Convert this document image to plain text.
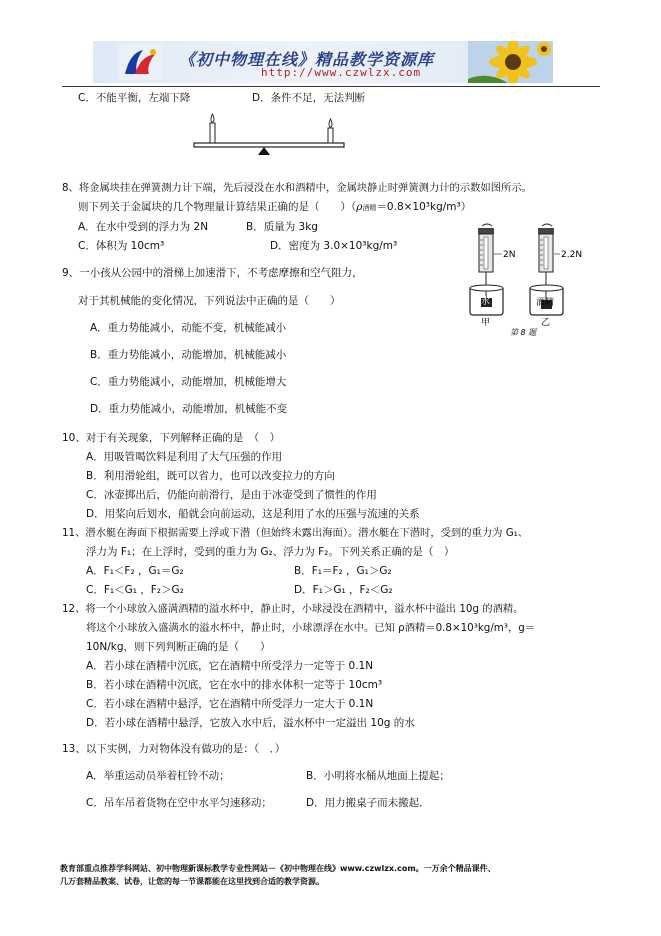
《初中物理在线》精品教学资源库
http://www.czwlzx.com
C．不能平衡，左端下降	D．条件不足，无法判断
8、将金属块挂在弹簧测力计下端，先后浸没在水和酒精中，金属块静止时弹簧测力计的示数如图所示。
则下列关于金属块的几个物理量计算结果正确的是（　　）（ρ酒精＝0.8×10³kg/m³）
A．在水中受到的浮力为 2N	B．质量为 3kg
C．体积为 10cm³	D．密度为 3.0×10³kg/m³
2N	2.2N
水
甲
酒精
乙
第 8 题
9、一小孩从公园中的滑梯上加速滑下，不考虑摩擦和空气阻力，
对于其机械能的变化情况，下列说法中正确的是（　　）
A．重力势能减小，动能不变，机械能减小
B．重力势能减小，动能增加，机械能减小
C．重力势能减小，动能增加，机械能增大
D．重力势能减小，动能增加，机械能不变
10、对于有关现象，下列解释正确的是　（　）
A．用吸管喝饮料是利用了大气压强的作用
B．利用滑轮组，既可以省力，也可以改变拉力的方向
C．冰壶掷出后，仍能向前滑行，是由于冰壶受到了惯性的作用
D．用桨向后划水，船就会向前运动，这是利用了水的压强与流速的关系
11、潜水艇在海面下根据需要上浮或下潜（但始终未露出海面）。潜水艇在下潜时，受到的重力为 G₁、
浮力为 F₁；在上浮时，受到的重力为 G₂、浮力为 F₂。下列关系正确的是（　）
A．F₁＜F₂ ，G₁＝G₂	B．F₁＝F₂ ，G₁＞G₂
C．F₁＜G₁ ，F₂＞G₂	D．F₁＞G₁ ，F₂＜G₂
12、将一个小球放入盛满酒精的溢水杯中，静止时，小球浸没在酒精中，溢水杯中溢出 10g 的酒精。
将这个小球放入盛满水的溢水杯中，静止时，小球漂浮在水中。已知 ρ酒精＝0.8×10³kg/m³，g＝
10N/kg，则下列判断正确的是（　　）
A．若小球在酒精中沉底，它在酒精中所受浮力一定等于 0.1N
B．若小球在酒精中沉底，它在水中的排水体积一定等于 10cm³
C．若小球在酒精中悬浮，它在酒精中所受浮力一定大于 0.1N
D．若小球在酒精中悬浮，它放入水中后，溢水杯中一定溢出 10g 的水
13、以下实例，力对物体没有做功的是：（　．）
A．举重运动员举着杠铃不动；	B．小明将水桶从地面上提起；
C．吊车吊着货物在空中水平匀速移动；	D．用力搬桌子而未搬起．
教育部重点推荐学科网站、初中物理新课标教学专业性网站－《初中物理在线》www.czwlzx.com。一万余个精品课件、
几万套精品教案、试卷，让您的每一节课都能在这里找到合适的教学资源。
